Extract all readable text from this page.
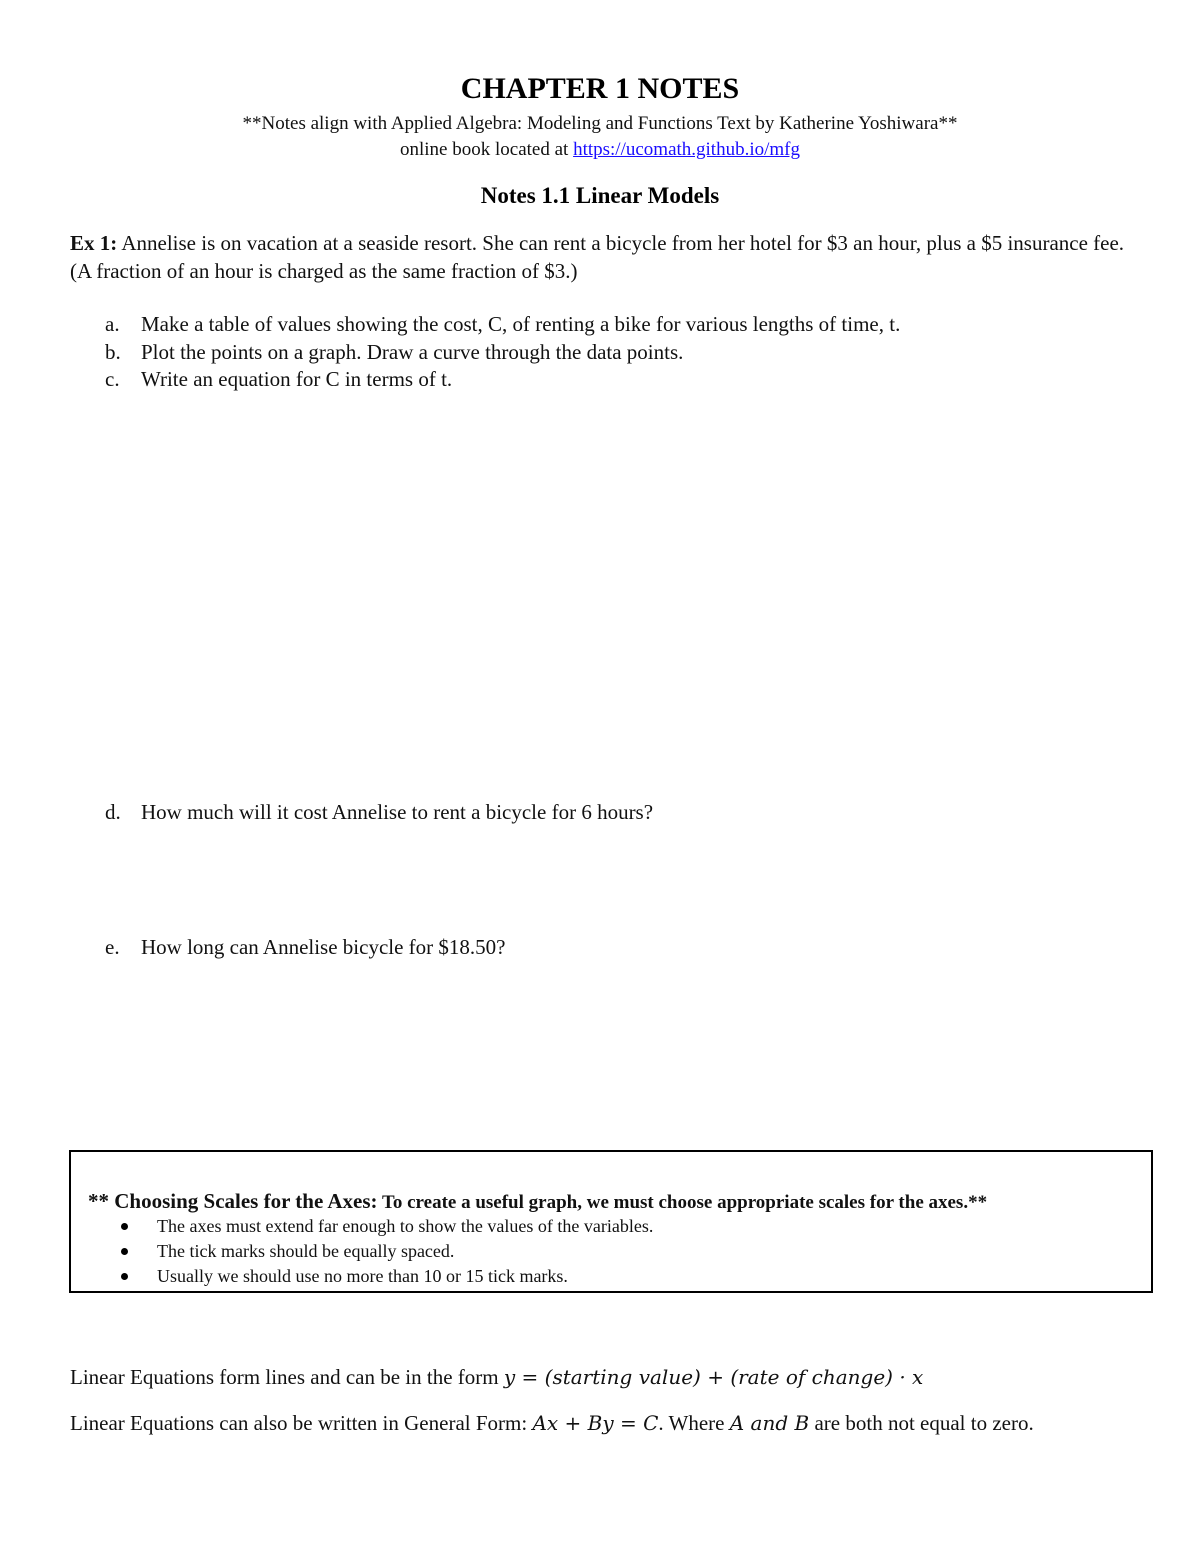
CHAPTER 1 NOTES
**Notes align with Applied Algebra: Modeling and Functions Text by Katherine Yoshiwara**
online book located at https://ucomath.github.io/mfg
Notes 1.1 Linear Models
Ex 1: Annelise is on vacation at a seaside resort. She can rent a bicycle from her hotel for $3 an hour, plus a $5 insurance fee. (A fraction of an hour is charged as the same fraction of $3.)
a.	Make a table of values showing the cost, C, of renting a bike for various lengths of time, t.
b. Plot the points on a graph. Draw a curve through the data points.
c.	Write an equation for C in terms of t.
d. How much will it cost Annelise to rent a bicycle for 6 hours?
e.	How long can Annelise bicycle for $18.50?
** Choosing Scales for the Axes: To create a useful graph, we must choose appropriate scales for the axes.**
The axes must extend far enough to show the values of the variables.
The tick marks should be equally spaced.
Usually we should use no more than 10 or 15 tick marks.
Linear Equations form lines and can be in the form y = (starting value) + (rate of change) · x
Linear Equations can also be written in General Form: Ax + By = C. Where A and B are both not equal to zero.
